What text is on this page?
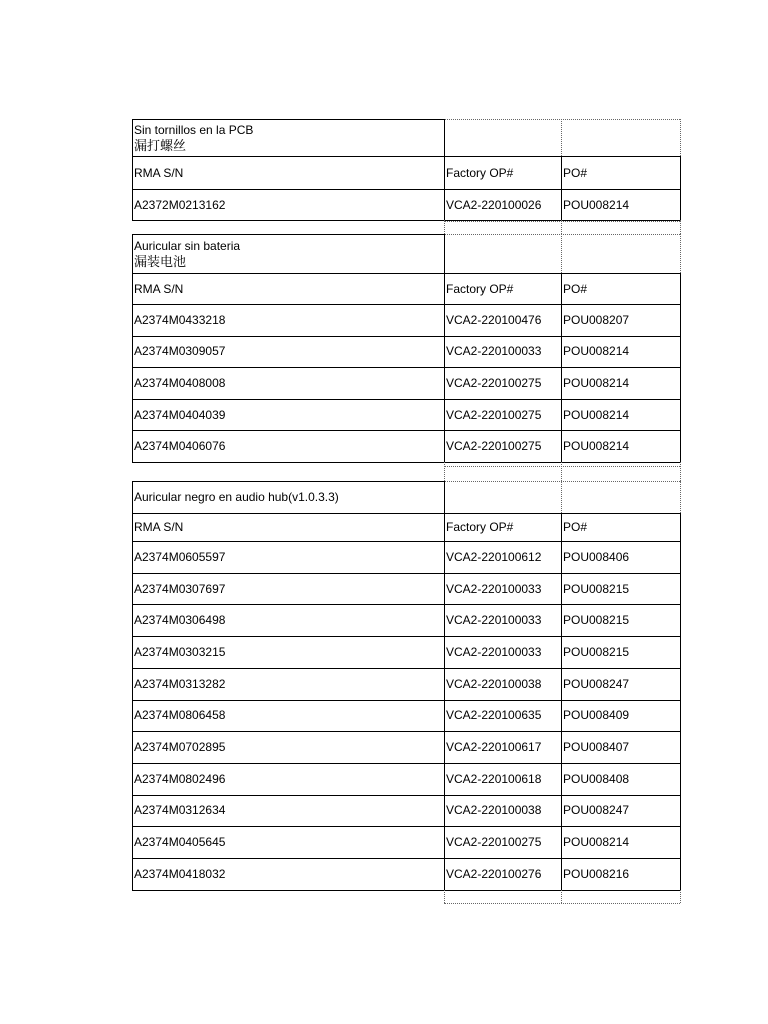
Sin tornillos en la PCB
漏打螺丝
RMA S/N	Factory OP#	PO#
A2372M0213162	VCA2-220100026	POU008214
Auricular sin bateria
漏装电池
RMA S/N	Factory OP#	PO#
A2374M0433218	VCA2-220100476	POU008207
A2374M0309057	VCA2-220100033	POU008214
A2374M0408008	VCA2-220100275	POU008214
A2374M0404039	VCA2-220100275	POU008214
A2374M0406076	VCA2-220100275	POU008214
Auricular negro en audio hub(v1.0.3.3)
RMA S/N	Factory OP#	PO#
A2374M0605597	VCA2-220100612	POU008406
A2374M0307697	VCA2-220100033	POU008215
A2374M0306498	VCA2-220100033	POU008215
A2374M0303215	VCA2-220100033	POU008215
A2374M0313282	VCA2-220100038	POU008247
A2374M0806458	VCA2-220100635	POU008409
A2374M0702895	VCA2-220100617	POU008407
A2374M0802496	VCA2-220100618	POU008408
A2374M0312634	VCA2-220100038	POU008247
A2374M0405645	VCA2-220100275	POU008214
A2374M0418032	VCA2-220100276	POU008216
